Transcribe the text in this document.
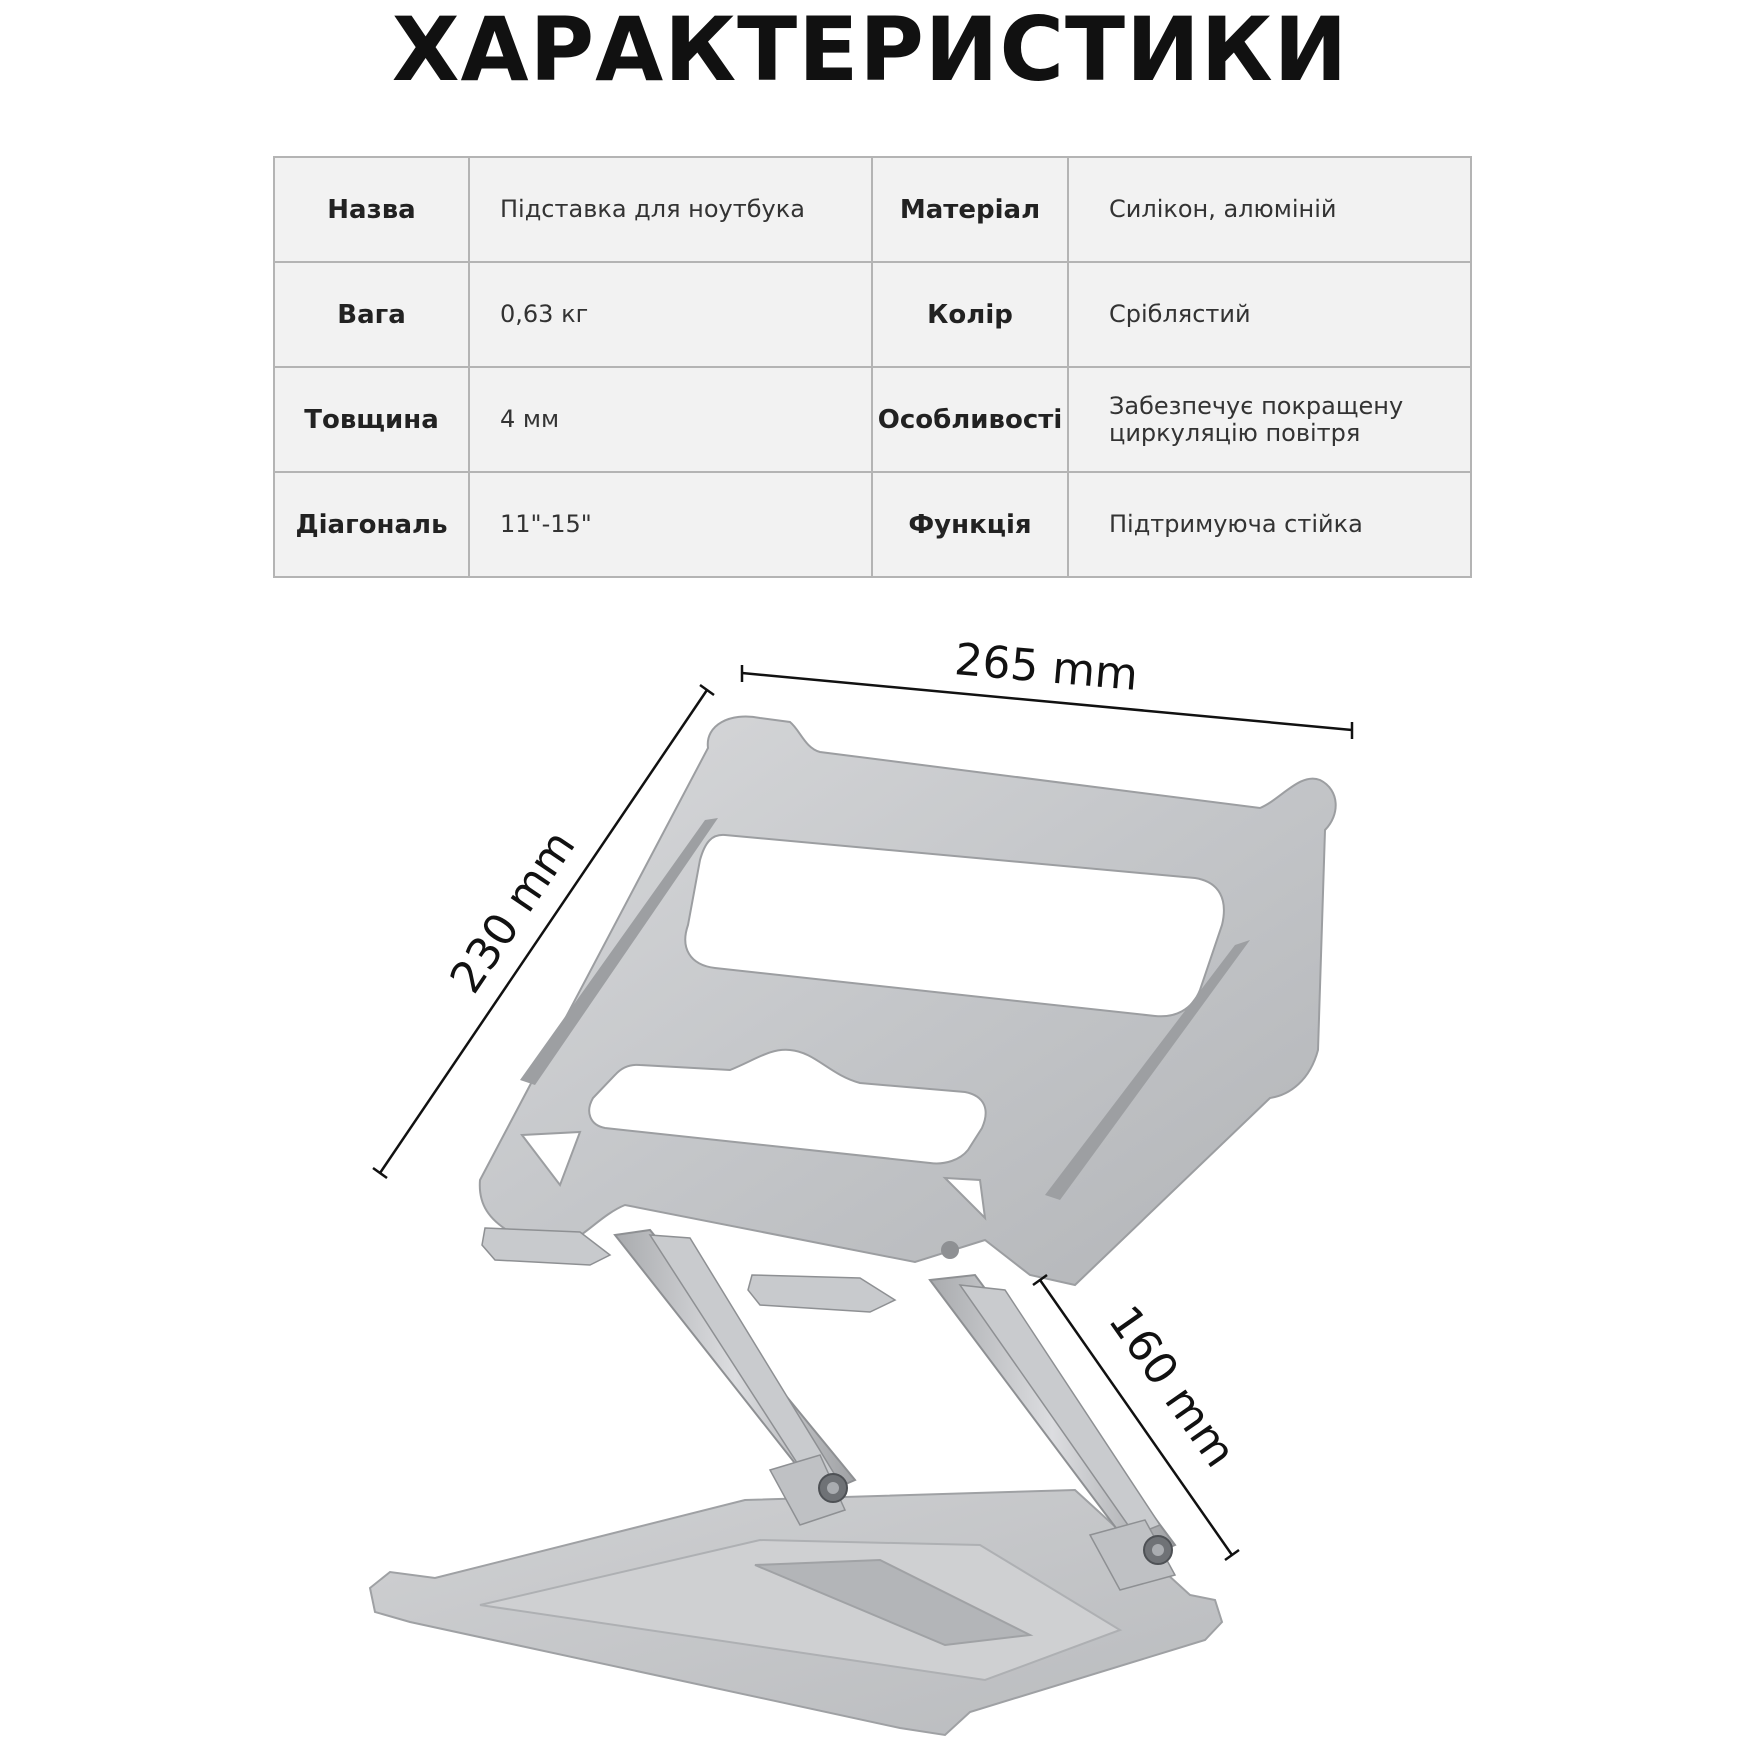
ХАРАКТЕРИСТИКИ
Назва	Підставка для ноутбука	Матеріал	Силікон, алюміній
Вага	0,63 кг	Колір	Сріблястий
Товщина	4 мм	Особливості	Забезпечує покращену циркуляцію повітря
Діагональ	11"-15"	Функція	Підтримуюча стійка
265 mm
230 mm
160 mm
